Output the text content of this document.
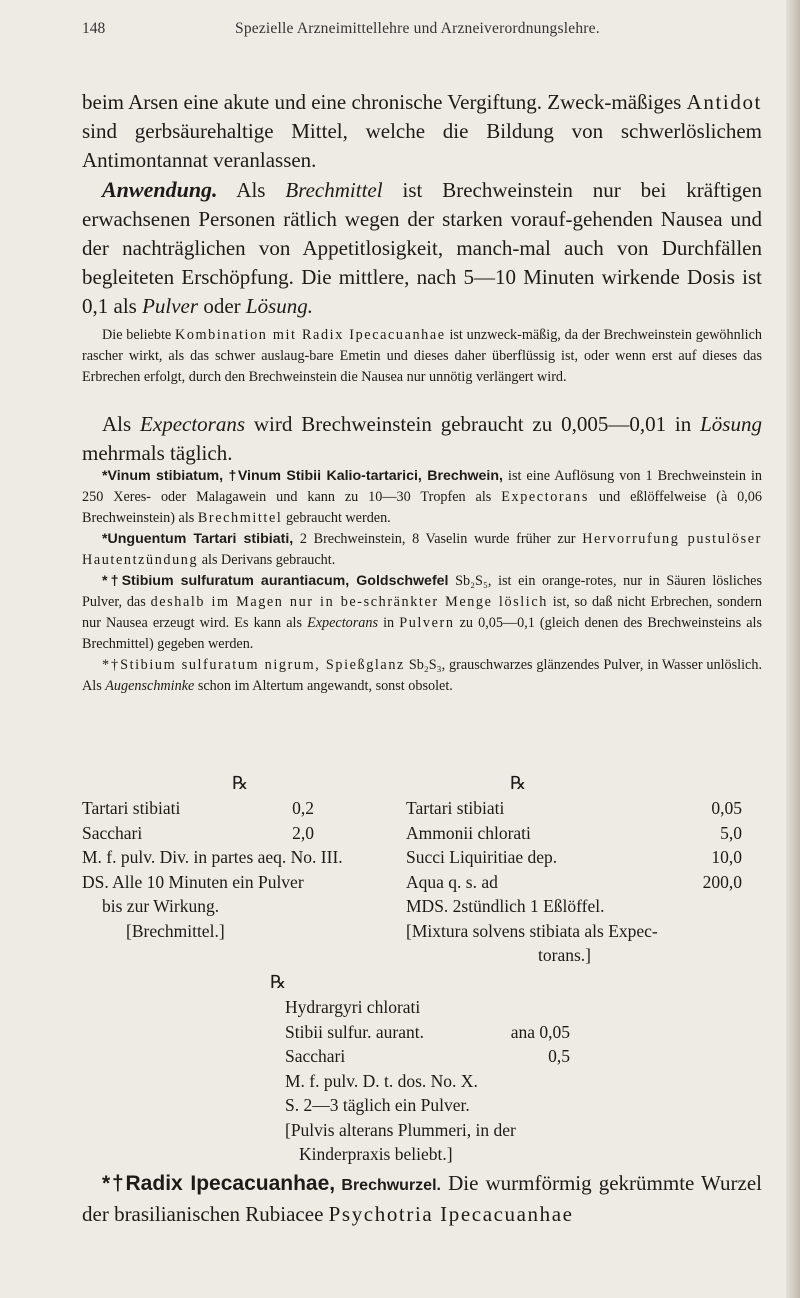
148	Spezielle Arzneimittellehre und Arzneiverordnungslehre.

beim Arsen eine akute und eine chronische Vergiftung. Zweck-mäßiges Antidot sind gerbsäurehaltige Mittel, welche die Bildung von schwerlöslichem Antimontannat veranlassen.

Anwendung. Als Brechmittel ist Brechweinstein nur bei kräftigen erwachsenen Personen rätlich wegen der starken vorauf-gehenden Nausea und der nachträglichen von Appetitlosigkeit, manch-mal auch von Durchfällen begleiteten Erschöpfung. Die mittlere, nach 5—10 Minuten wirkende Dosis ist 0,1 als Pulver oder Lösung.

Die beliebte Kombination mit Radix Ipecacuanhae ist unzweck-mäßig, da der Brechweinstein gewöhnlich rascher wirkt, als das schwer auslaug-bare Emetin und dieses daher überflüssig ist, oder wenn erst auf dieses das Erbrechen erfolgt, durch den Brechweinstein die Nausea nur unnötig verlängert wird.

Als Expectorans wird Brechweinstein gebraucht zu 0,005—0,01 in Lösung mehrmals täglich.

*Vinum stibiatum, †Vinum Stibii Kalio-tartarici, Brechwein, ist eine Auflösung von 1 Brechweinstein in 250 Xeres- oder Malagawein und kann zu 10—30 Tropfen als Expectorans und eßlöffelweise (à 0,06 Brechweinstein) als Brechmittel gebraucht werden.

*Unguentum Tartari stibiati, 2 Brechweinstein, 8 Vaselin wurde früher zur Hervorrufung pustulöser Hautentzündung als Derivans gebraucht.

*†Stibium sulfuratum aurantiacum, Goldschwefel Sb₂S₅, ist ein orange-rotes, nur in Säuren lösliches Pulver, das deshalb im Magen nur in be-schränkter Menge löslich ist, so daß nicht Erbrechen, sondern nur Nausea erzeugt wird. Es kann als Expectorans in Pulvern zu 0,05—0,1 (gleich denen des Brechweinsteins als Brechmittel) gegeben werden.

*†Stibium sulfuratum nigrum, Spießglanz Sb₂S₃, grauschwarzes glänzendes Pulver, in Wasser unlöslich. Als Augenschminke schon im Altertum angewandt, sonst obsolet.

℞
Tartari stibiati	0,2
Sacchari	2,0
M. f. pulv. Div. in partes aeq. No. III.
DS. Alle 10 Minuten ein Pulver
bis zur Wirkung.
[Brechmittel.]
℞
Tartari stibiati	0,05
Ammonii chlorati	5,0
Succi Liquiritiae dep.	10,0
Aqua q. s. ad	200,0
MDS. 2stündlich 1 Eßlöffel.
[Mixtura solvens stibiata als Expec-
torans.]
℞
Hydrargyri chlorati
Stibii sulfur. aurant.	ana 0,05
Sacchari	0,5
M. f. pulv. D. t. dos. No. X.
S. 2—3 täglich ein Pulver.
[Pulvis alterans Plummeri, in der
Kinderpraxis beliebt.]

*†Radix Ipecacuanhae, Brechwurzel. Die wurmförmig gekrümmte Wurzel der brasilianischen Rubiacee Psychotria Ipecacuanhae
